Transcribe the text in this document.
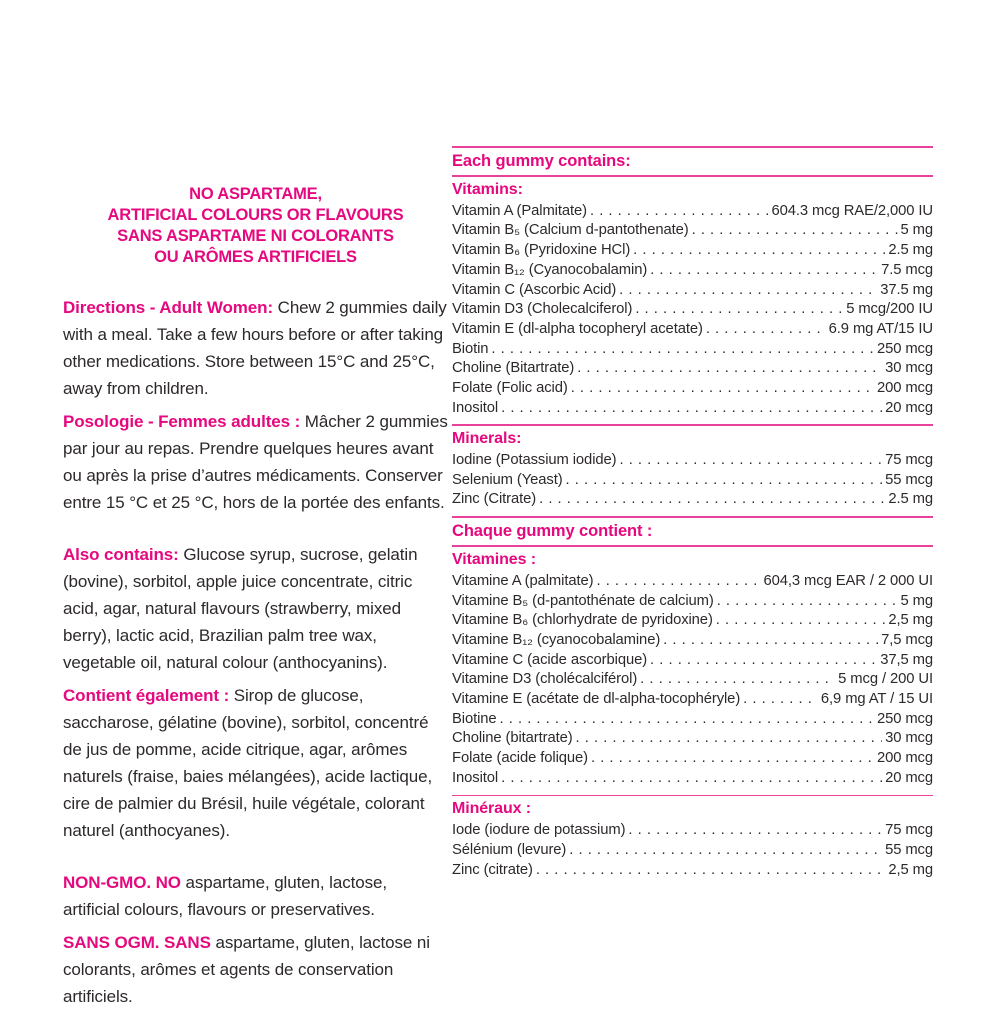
NO ASPARTAME,
ARTIFICIAL COLOURS OR FLAVOURS
SANS ASPARTAME NI COLORANTS
OU ARÔMES ARTIFICIELS

Directions - Adult Women: Chew 2 gummies daily with a meal. Take a few hours before or after taking other medications. Store between 15°C and 25°C, away from children.

Posologie - Femmes adultes : Mâcher 2 gummies par jour au repas. Prendre quelques heures avant ou après la prise d’autres médicaments. Conserver entre 15 °C et 25 °C, hors de la portée des enfants.

Also contains: Glucose syrup, sucrose, gelatin (bovine), sorbitol, apple juice concentrate, citric acid, agar, natural flavours (strawberry, mixed berry), lactic acid, Brazilian palm tree wax, vegetable oil, natural colour (anthocyanins).

Contient également : Sirop de glucose, saccharose, gélatine (bovine), sorbitol, concentré de jus de pomme, acide citrique, agar, arômes naturels (fraise, baies mélangées), acide lactique, cire de palmier du Brésil, huile végétale, colorant naturel (anthocyanes).

NON-GMO. NO aspartame, gluten, lactose, artificial colours, flavours or preservatives.

SANS OGM. SANS aspartame, gluten, lactose ni colorants, arômes et agents de conservation artificiels.

Each gummy contains:
Vitamins:
Vitamin A (Palmitate) . . .	604.3 mcg RAE/2,000 IU
Vitamin B₅ (Calcium d-pantothenate) . . .	5 mg
Vitamin B₆ (Pyridoxine HCl) . . .	2.5 mg
Vitamin B₁₂ (Cyanocobalamin) . . .	7.5 mcg
Vitamin C (Ascorbic Acid) . . .	37.5 mg
Vitamin D3 (Cholecalciferol) . . .	5 mcg/200 IU
Vitamin E (dl-alpha tocopheryl acetate) . . .	6.9 mg AT/15 IU
Biotin . . .	250 mcg
Choline (Bitartrate) . . .	30 mcg
Folate (Folic acid) . . .	200 mcg
Inositol . . .	20 mcg
Minerals:
Iodine (Potassium iodide) . . .	75 mcg
Selenium (Yeast) . . .	55 mcg
Zinc (Citrate) . . .	2.5 mg
Chaque gummy contient :
Vitamines :
Vitamine A (palmitate) . . .	604,3 mcg EAR / 2 000 UI
Vitamine B₅ (d-pantothénate de calcium) . . .	5 mg
Vitamine B₆ (chlorhydrate de pyridoxine) . . .	2,5 mg
Vitamine B₁₂ (cyanocobalamine) . . .	7,5 mcg
Vitamine C (acide ascorbique) . . .	37,5 mg
Vitamine D3 (cholécalciférol) . . .	5 mcg / 200 UI
Vitamine E (acétate de dl-alpha-tocophéryle) . . .	6,9 mg AT / 15 UI
Biotine . . .	250 mcg
Choline (bitartrate) . . .	30 mcg
Folate (acide folique) . . .	200 mcg
Inositol . . .	20 mcg
Minéraux :
Iode (iodure de potassium) . . .	75 mcg
Sélénium (levure) . . .	55 mcg
Zinc (citrate) . . .	2,5 mg
